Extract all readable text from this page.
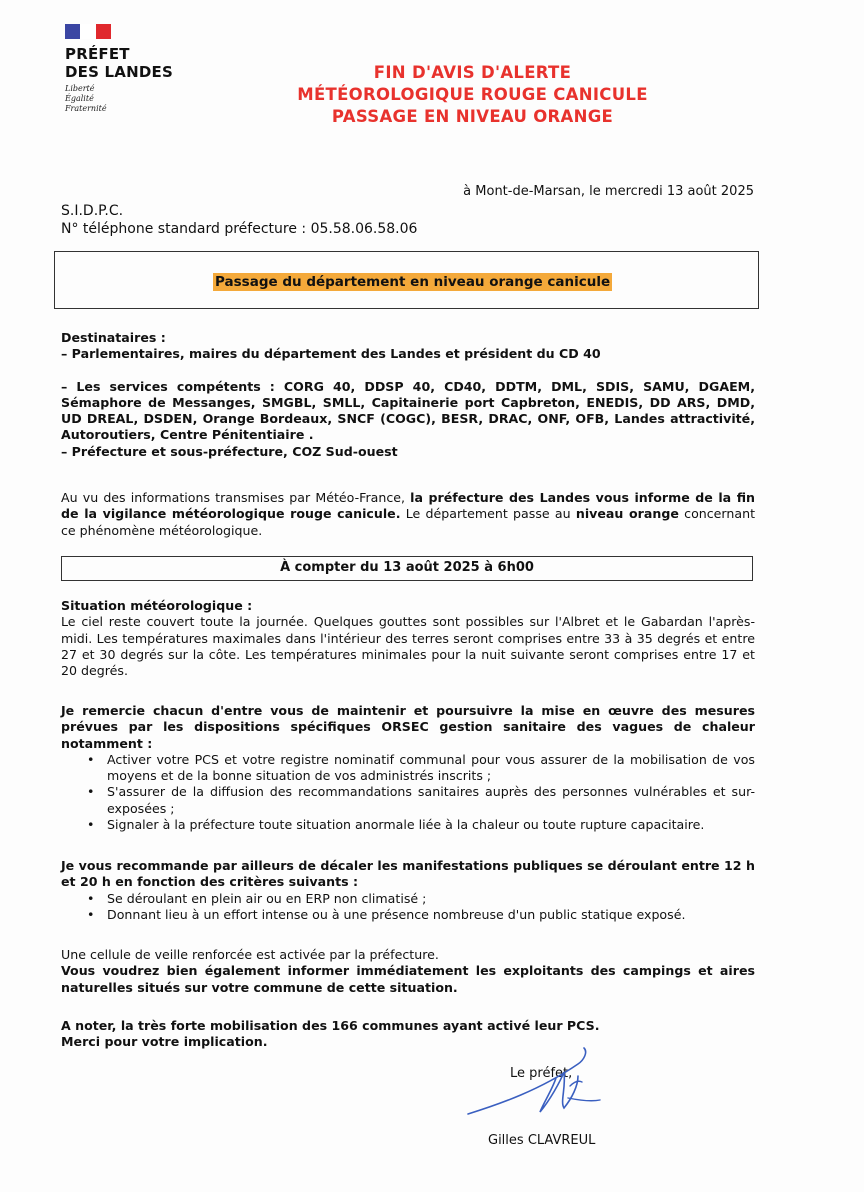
PRÉFET
DES LANDES
Liberté
Égalité
Fraternité
FIN D'AVIS D'ALERTE
MÉTÉOROLOGIQUE ROUGE CANICULE
PASSAGE EN NIVEAU ORANGE
à Mont-de-Marsan, le mercredi 13 août 2025
S.I.D.P.C.
N° téléphone standard préfecture : 05.58.06.58.06
Passage du département en niveau orange canicule

Destinataires :

– Parlementaires, maires du département des Landes et président du CD 40

– Les services compétents : CORG 40, DDSP 40, CD40, DDTM, DML, SDIS, SAMU, DGAEM, Sémaphore de Messanges, SMGBL, SMLL, Capitainerie port Capbreton, ENEDIS, DD ARS, DMD, UD DREAL, DSDEN, Orange Bordeaux, SNCF (COGC), BESR, DRAC, ONF, OFB, Landes attractivité, Autoroutiers, Centre Pénitentiaire .

– Préfecture et sous-préfecture, COZ Sud-ouest

Au vu des informations transmises par Météo-France, la préfecture des Landes vous informe de la fin de la vigilance météorologique rouge canicule. Le département passe au niveau orange concernant ce phénomène météorologique.
À compter du 13 août 2025 à 6h00

Situation météorologique :

Le ciel reste couvert toute la journée. Quelques gouttes sont possibles sur l'Albret et le Gabardan l'après-midi. Les températures maximales dans l'intérieur des terres seront comprises entre 33 à 35 degrés et entre 27 et 30 degrés sur la côte. Les températures minimales pour la nuit suivante seront comprises entre 17 et 20 degrés.

Je remercie chacun d'entre vous de maintenir et poursuivre la mise en œuvre des mesures prévues par les dispositions spécifiques ORSEC gestion sanitaire des vagues de chaleur notamment :

• Activer votre PCS et votre registre nominatif communal pour vous assurer de la mobilisation de vos moyens et de la bonne situation de vos administrés inscrits ;
• S'assurer de la diffusion des recommandations sanitaires auprès des personnes vulnérables et sur-exposées ;
• Signaler à la préfecture toute situation anormale liée à la chaleur ou toute rupture capacitaire.

Je vous recommande par ailleurs de décaler les manifestations publiques se déroulant entre 12 h et 20 h en fonction des critères suivants :

• Se déroulant en plein air ou en ERP non climatisé ;
• Donnant lieu à un effort intense ou à une présence nombreuse d'un public statique exposé.

Une cellule de veille renforcée est activée par la préfecture.

Vous voudrez bien également informer immédiatement les exploitants des campings et aires naturelles situés sur votre commune de cette situation.

A noter, la très forte mobilisation des 166 communes ayant activé leur PCS.

Merci pour votre implication.

Le préfet,
Gilles CLAVREUL
